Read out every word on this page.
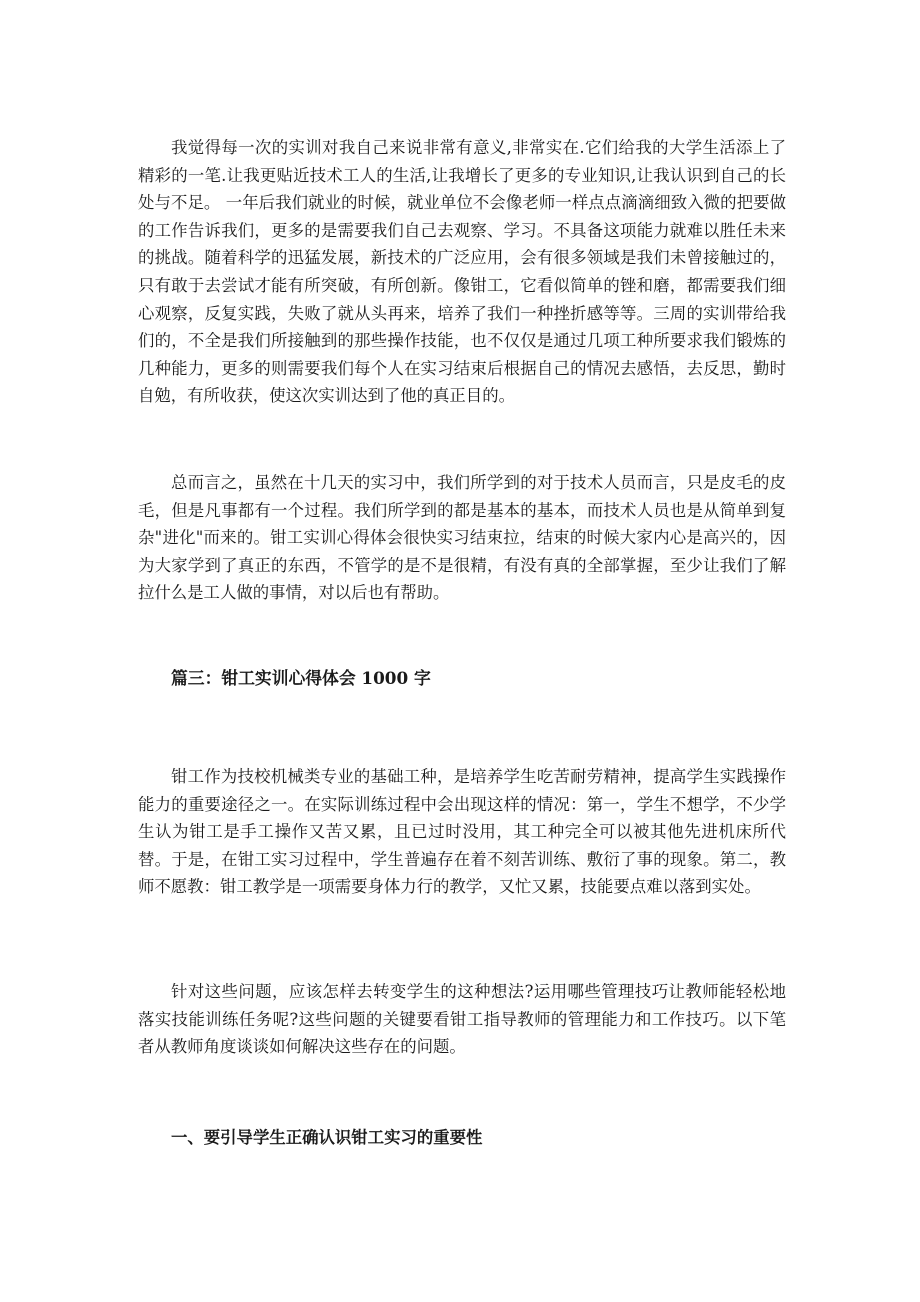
我觉得每一次的实训对我自己来说非常有意义,非常实在.它们给我的大学生活添上了精彩的一笔.让我更贴近技术工人的生活,让我增长了更多的专业知识,让我认识到自己的长处与不足。 一年后我们就业的时候，就业单位不会像老师一样点点滴滴细致入微的把要做的工作告诉我们，更多的是需要我们自己去观察、学习。不具备这项能力就难以胜任未来的挑战。随着科学的迅猛发展，新技术的广泛应用，会有很多领域是我们未曾接触过的，只有敢于去尝试才能有所突破，有所创新。像钳工，它看似简单的锉和磨，都需要我们细心观察，反复实践，失败了就从头再来，培养了我们一种挫折感等等。三周的实训带给我们的，不全是我们所接触到的那些操作技能，也不仅仅是通过几项工种所要求我们锻炼的几种能力，更多的则需要我们每个人在实习结束后根据自己的情况去感悟，去反思，勤时自勉，有所收获，使这次实训达到了他的真正目的。

总而言之，虽然在十几天的实习中，我们所学到的对于技术人员而言，只是皮毛的皮毛，但是凡事都有一个过程。我们所学到的都是基本的基本，而技术人员也是从简单到复杂"进化"而来的。钳工实训心得体会很快实习结束拉，结束的时候大家内心是高兴的，因为大家学到了真正的东西，不管学的是不是很精，有没有真的全部掌握，至少让我们了解拉什么是工人做的事情，对以后也有帮助。

篇三：钳工实训心得体会 1000 字

钳工作为技校机械类专业的基础工种，是培养学生吃苦耐劳精神，提高学生实践操作能力的重要途径之一。在实际训练过程中会出现这样的情况：第一，学生不想学，不少学生认为钳工是手工操作又苦又累，且已过时没用，其工种完全可以被其他先进机床所代替。于是，在钳工实习过程中，学生普遍存在着不刻苦训练、敷衍了事的现象。第二，教师不愿教：钳工教学是一项需要身体力行的教学，又忙又累，技能要点难以落到实处。

针对这些问题，应该怎样去转变学生的这种想法?运用哪些管理技巧让教师能轻松地落实技能训练任务呢?这些问题的关键要看钳工指导教师的管理能力和工作技巧。以下笔者从教师角度谈谈如何解决这些存在的问题。

一、要引导学生正确认识钳工实习的重要性
